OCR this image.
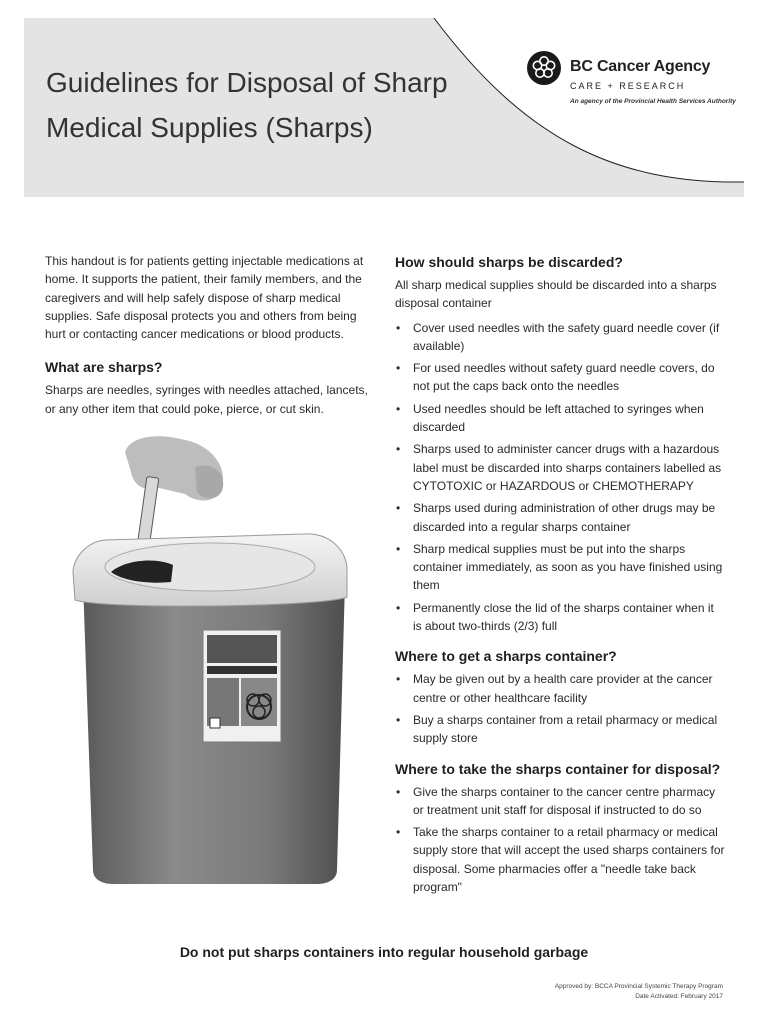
Guidelines for Disposal of Sharp
Medical Supplies (Sharps)
BC Cancer Agency
CARE + RESEARCH
An agency of the Provincial Health Services Authority

This handout is for patients getting injectable medications at home. It supports the patient, their family members, and the caregivers and will help safely dispose of sharp medical supplies. Safe disposal protects you and others from being hurt or contacting cancer medications or blood products.

What are sharps?

Sharps are needles, syringes with needles attached, lancets, or any other item that could poke, pierce, or cut skin.

How should sharps be discarded?

All sharp medical supplies should be discarded into a sharps disposal container

• Cover used needles with the safety guard needle cover (if available)
• For used needles without safety guard needle covers, do not put the caps back onto the needles
• Used needles should be left attached to syringes when discarded
• Sharps used to administer cancer drugs with a hazardous label must be discarded into sharps containers labelled as CYTOTOXIC or HAZARDOUS or CHEMOTHERAPY
• Sharps used during administration of other drugs may be discarded into a regular sharps container
• Sharp medical supplies must be put into the sharps container immediately, as soon as you have finished using them
• Permanently close the lid of the sharps container when it is about two-thirds (2/3) full
Where to get a sharps container?
• May be given out by a health care provider at the cancer centre or other healthcare facility
• Buy a sharps container from a retail pharmacy or medical supply store
Where to take the sharps container for disposal?
• Give the sharps container to the cancer centre pharmacy or treatment unit staff for disposal if instructed to do so
• Take the sharps container to a retail pharmacy or medical supply store that will accept the used sharps containers for disposal. Some pharmacies offer a "needle take back program"
Do not put sharps containers into regular household garbage
Approved by: BCCA Provincial Systemic Therapy Program
Date Activated: February 2017
